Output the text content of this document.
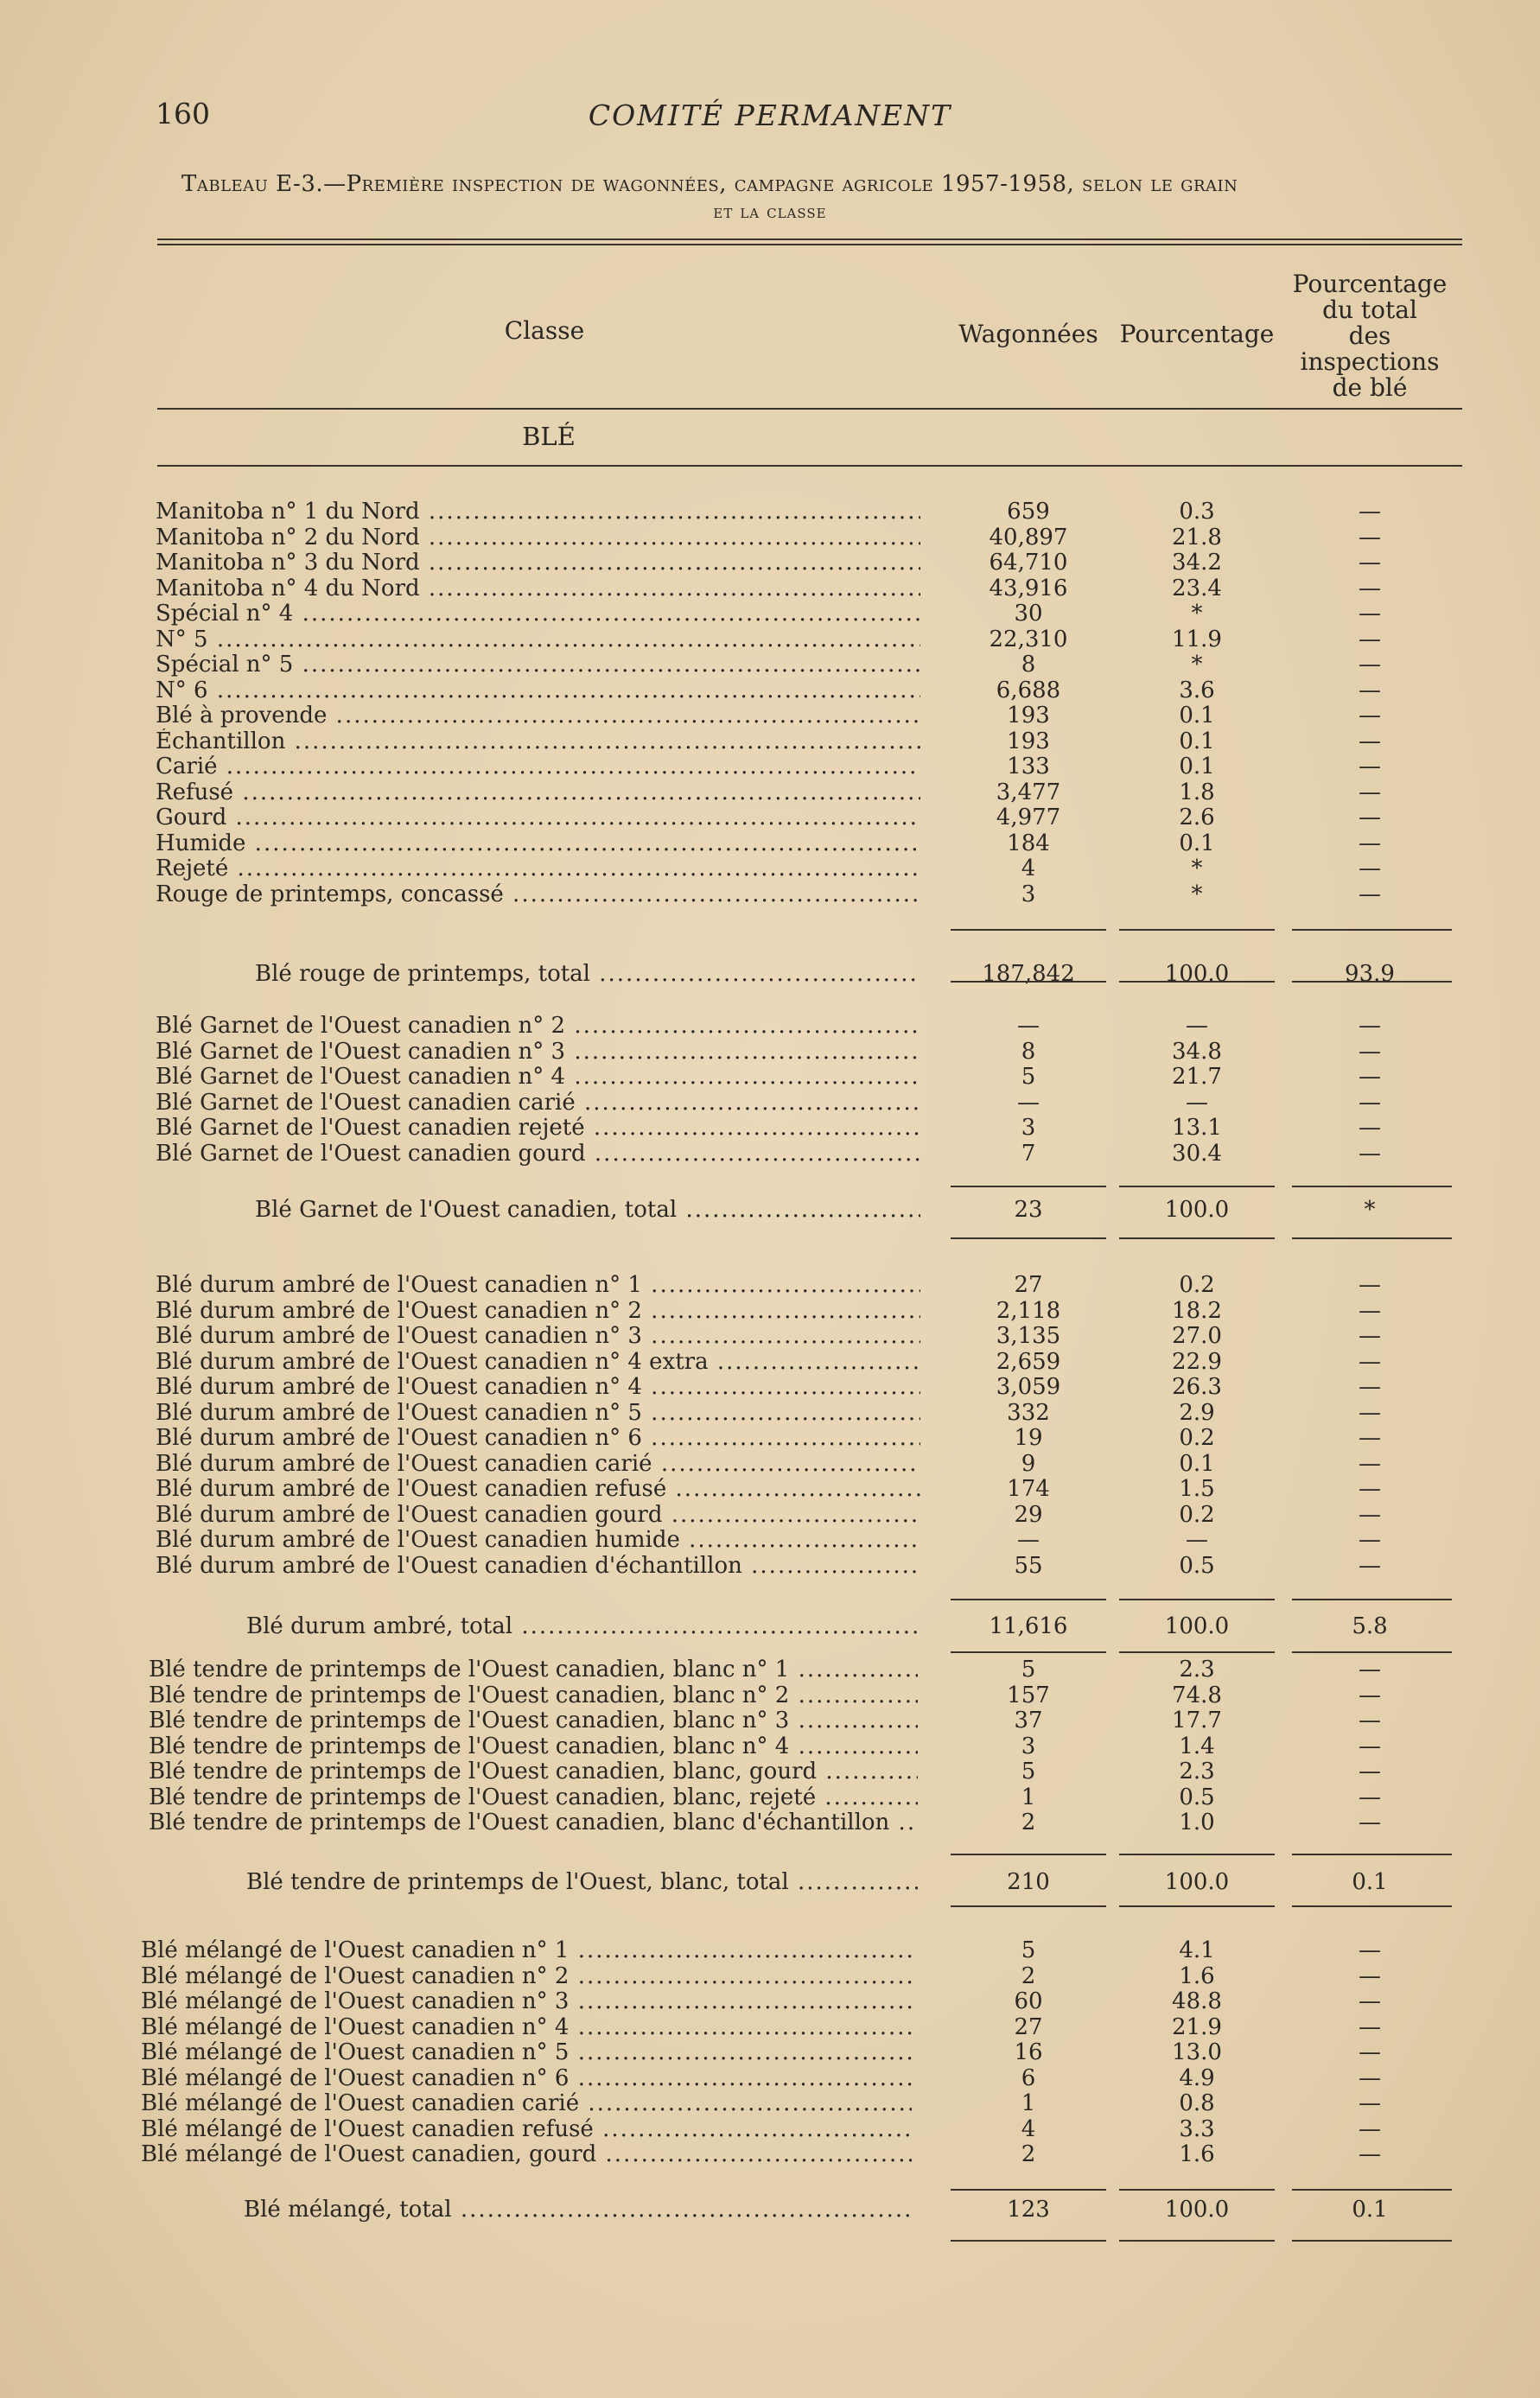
160	COMITÉ PERMANENT
Tableau E-3.—Première inspection de wagonnées, campagne agricole 1957-1958, selon le grain
et la classe
Classe	Wagonnées Pourcentage
Pourcentage
du total
des
inspections
de blé
BLÉ
Manitoba n° 1 du Nord .....	659	0.3	—
Manitoba n° 2 du Nord .....	40,897	21.8	—
Manitoba n° 3 du Nord .....	64,710	34.2	—
Manitoba n° 4 du Nord .....	43,916	23.4	—
Spécial n° 4 .....	30	*	—
N° 5 .....	22,310	11.9	—
Spécial n° 5 .....	8	*	—
N° 6 .....	6,688	3.6	—
Blé à provende .....	193	0.1	—
Échantillon .....	193	0.1	—
Carié .....	133	0.1	—
Refusé .....	3,477	1.8	—
Gourd .....	4,977	2.6	—
Humide .....	184	0.1	—
Rejeté .....	4	*	—
Rouge de printemps, concassé .....	3	*	—
Blé rouge de printemps, total .....	187,842	100.0	93.9
Blé Garnet de l'Ouest canadien n° 2 .....	—	—	—
Blé Garnet de l'Ouest canadien n° 3 .....	8	34.8	—
Blé Garnet de l'Ouest canadien n° 4 .....	5	21.7	—
Blé Garnet de l'Ouest canadien carié .....	—	—	—
Blé Garnet de l'Ouest canadien rejeté .....	3	13.1	—
Blé Garnet de l'Ouest canadien gourd .....	7	30.4	—
Blé Garnet de l'Ouest canadien, total .....	23	100.0	*
Blé durum ambré de l'Ouest canadien n° 1 .....	27	0.2	—
Blé durum ambré de l'Ouest canadien n° 2 .....	2,118	18.2	—
Blé durum ambré de l'Ouest canadien n° 3 .....	3,135	27.0	—
Blé durum ambré de l'Ouest canadien n° 4 extra .....	2,659	22.9	—
Blé durum ambré de l'Ouest canadien n° 4 .....	3,059	26.3	—
Blé durum ambré de l'Ouest canadien n° 5 .....	332	2.9	—
Blé durum ambré de l'Ouest canadien n° 6 .....	19	0.2	—
Blé durum ambré de l'Ouest canadien carié .....	9	0.1	—
Blé durum ambré de l'Ouest canadien refusé .....	174	1.5	—
Blé durum ambré de l'Ouest canadien gourd .....	29	0.2	—
Blé durum ambré de l'Ouest canadien humide .....	—	—	—
Blé durum ambré de l'Ouest canadien d'échantillon .....	55	0.5	—
Blé durum ambré, total .....	11,616	100.0	5.8
Blé tendre de printemps de l'Ouest canadien, blanc n° 1 .....	5	2.3	—
Blé tendre de printemps de l'Ouest canadien, blanc n° 2 .....	157	74.8	—
Blé tendre de printemps de l'Ouest canadien, blanc n° 3 .....	37	17.7	—
Blé tendre de printemps de l'Ouest canadien, blanc n° 4 .....	3	1.4	—
Blé tendre de printemps de l'Ouest canadien, blanc, gourd .....	5	2.3	—
Blé tendre de printemps de l'Ouest canadien, blanc, rejeté .....	1	0.5	—
Blé tendre de printemps de l'Ouest canadien, blanc d'échantillon .....	2	1.0	—
Blé tendre de printemps de l'Ouest, blanc, total .....	210	100.0	0.1
Blé mélangé de l'Ouest canadien n° 1 .....	5	4.1	—
Blé mélangé de l'Ouest canadien n° 2 .....	2	1.6	—
Blé mélangé de l'Ouest canadien n° 3 .....	60	48.8	—
Blé mélangé de l'Ouest canadien n° 4 .....	27	21.9	—
Blé mélangé de l'Ouest canadien n° 5 .....	16	13.0	—
Blé mélangé de l'Ouest canadien n° 6 .....	6	4.9	—
Blé mélangé de l'Ouest canadien carié .....	1	0.8	—
Blé mélangé de l'Ouest canadien refusé .....	4	3.3	—
Blé mélangé de l'Ouest canadien, gourd .....	2	1.6	—
Blé mélangé, total .....	123	100.0	0.1
